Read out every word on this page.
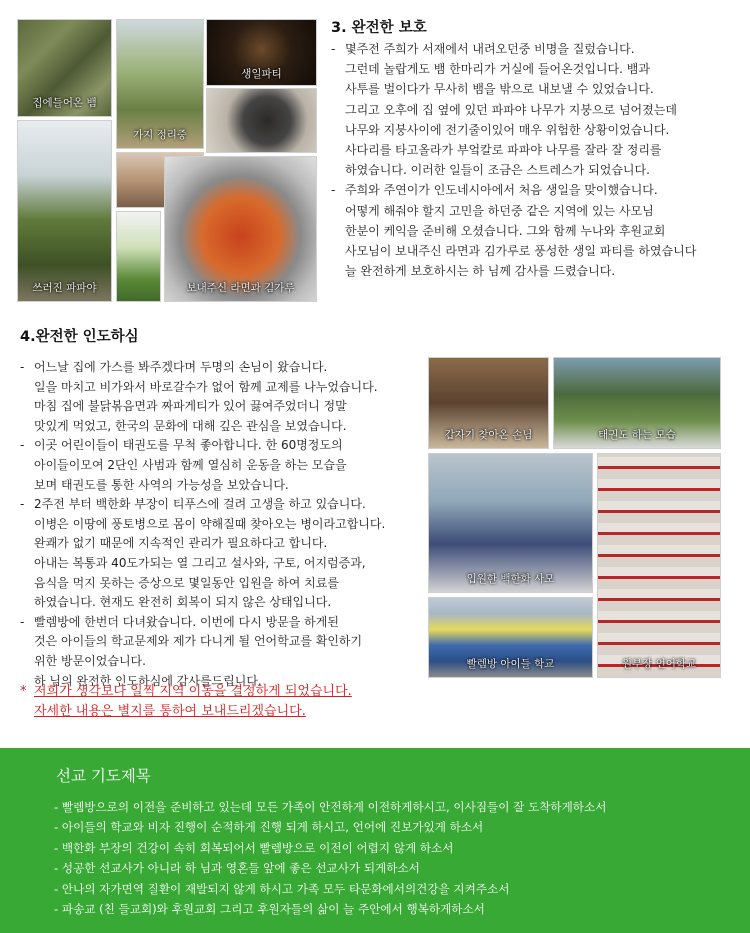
집에들어온 뱀
가지 정리중
생일파티
쓰러진 파파야	보내주신 라면과 김가루
3. 완전한 보호
- 몇주전 주희가 서재에서 내려오던중 비명을 질렀습니다.
그런데 놀랍게도 뱀 한마리가 거실에 들어온것입니다. 뱀과
사투를 벌이다가 무사히 뱀을 밖으로 내보낼 수 있었습니다.
그리고 오후에 집 옆에 있던 파파야 나무가 지붕으로 넘어졌는데
나무와 지붕사이에 전기줄이있어 매우 위험한 상황이었습니다.
사다리를 타고올라가 부엌칼로 파파야 나무를 잘라 잘 정리를
하였습니다. 이러한 일들이 조금은 스트레스가 되었습니다.
- 주희와 주연이가 인도네시아에서 처음 생일을 맞이했습니다.
어떻게 해줘야 할지 고민을 하던중 같은 지역에 있는 사모님
한분이 케익을 준비해 오셨습니다. 그와 함께 누나와 후원교회
사모님이 보내주신 라면과 김가루로 풍성한 생일 파티를 하였습니다
늘 완전하게 보호하시는 하 님께 감사를 드렸습니다.
4.완전한 인도하심
- 어느날 집에 가스를 봐주겠다며 두명의 손님이 왔습니다.
일을 마치고 비가와서 바로갈수가 없어 함께 교제를 나누었습니다.
마침 집에 불닭볶음면과 짜파게티가 있어 끓여주었더니 정말
맛있게 먹었고, 한국의 문화에 대해 깊은 관심을 보였습니다.
- 이곳 어린이들이 태권도를 무척 좋아합니다. 한 60명정도의
아이들이모여 2단인 사범과 함께 열심히 운동을 하는 모습을
보며 태권도를 통한 사역의 가능성을 보았습니다.
- 2주전 부터 백한화 부장이 티푸스에 걸려 고생을 하고 있습니다.
이병은 이땅에 풍토병으로 몸이 약해질때 찾아오는 병이라고합니다.
완쾌가 없기 때문에 지속적인 관리가 필요하다고 합니다.
아내는 복통과 40도가되는 열 그리고 설사와, 구토, 어지럼증과,
음식을 먹지 못하는 증상으로 몇일동안 입원을 하여 치료를
하였습니다. 현재도 완전히 회복이 되지 않은 상태입니다.
- 빨렘방에 한번더 다녀왔습니다. 이번에 다시 방문을 하게된
것은 아이들의 학교문제와 제가 다니게 될 언어학교를 확인하기
위한 방문이었습니다.
하 님의 완전한 인도하심에 감사를드립니다.
갑자기 찾아온 손님	태권도 하는 모습
입원한 백한화 사모
빨렘방 아이들 학교	원부장 언어학교
* 저희가 생각보다 일찍 지역 이동을 결정하게 되었습니다.
자세한 내용은 별지를 통하여 보내드리겠습니다.
선교 기도제목
- 빨렘방으로의 이전을 준비하고 있는데 모든 가족이 안전하게 이전하게하시고, 이사짐들이 잘 도착하게하소서
- 아이들의 학교와 비자 진행이 순적하게 진행 되게 하시고, 언어에 진보가있게 하소서
- 백한화 부장의 건강이 속히 회복되어서 빨렘방으로 이전이 어렵지 않게 하소서
- 성공한 선교사가 아니라 하 님과 영혼들 앞에 좋은 선교사가 되게하소서
- 안나의 자가면역 질환이 재발되지 않게 하시고 가족 모두 타문화에서의건강을 지켜주소서
- 파송교 (친 들교회)와 후원교회 그리고 후원자들의 삶이 늘 주안에서 행복하게하소서
